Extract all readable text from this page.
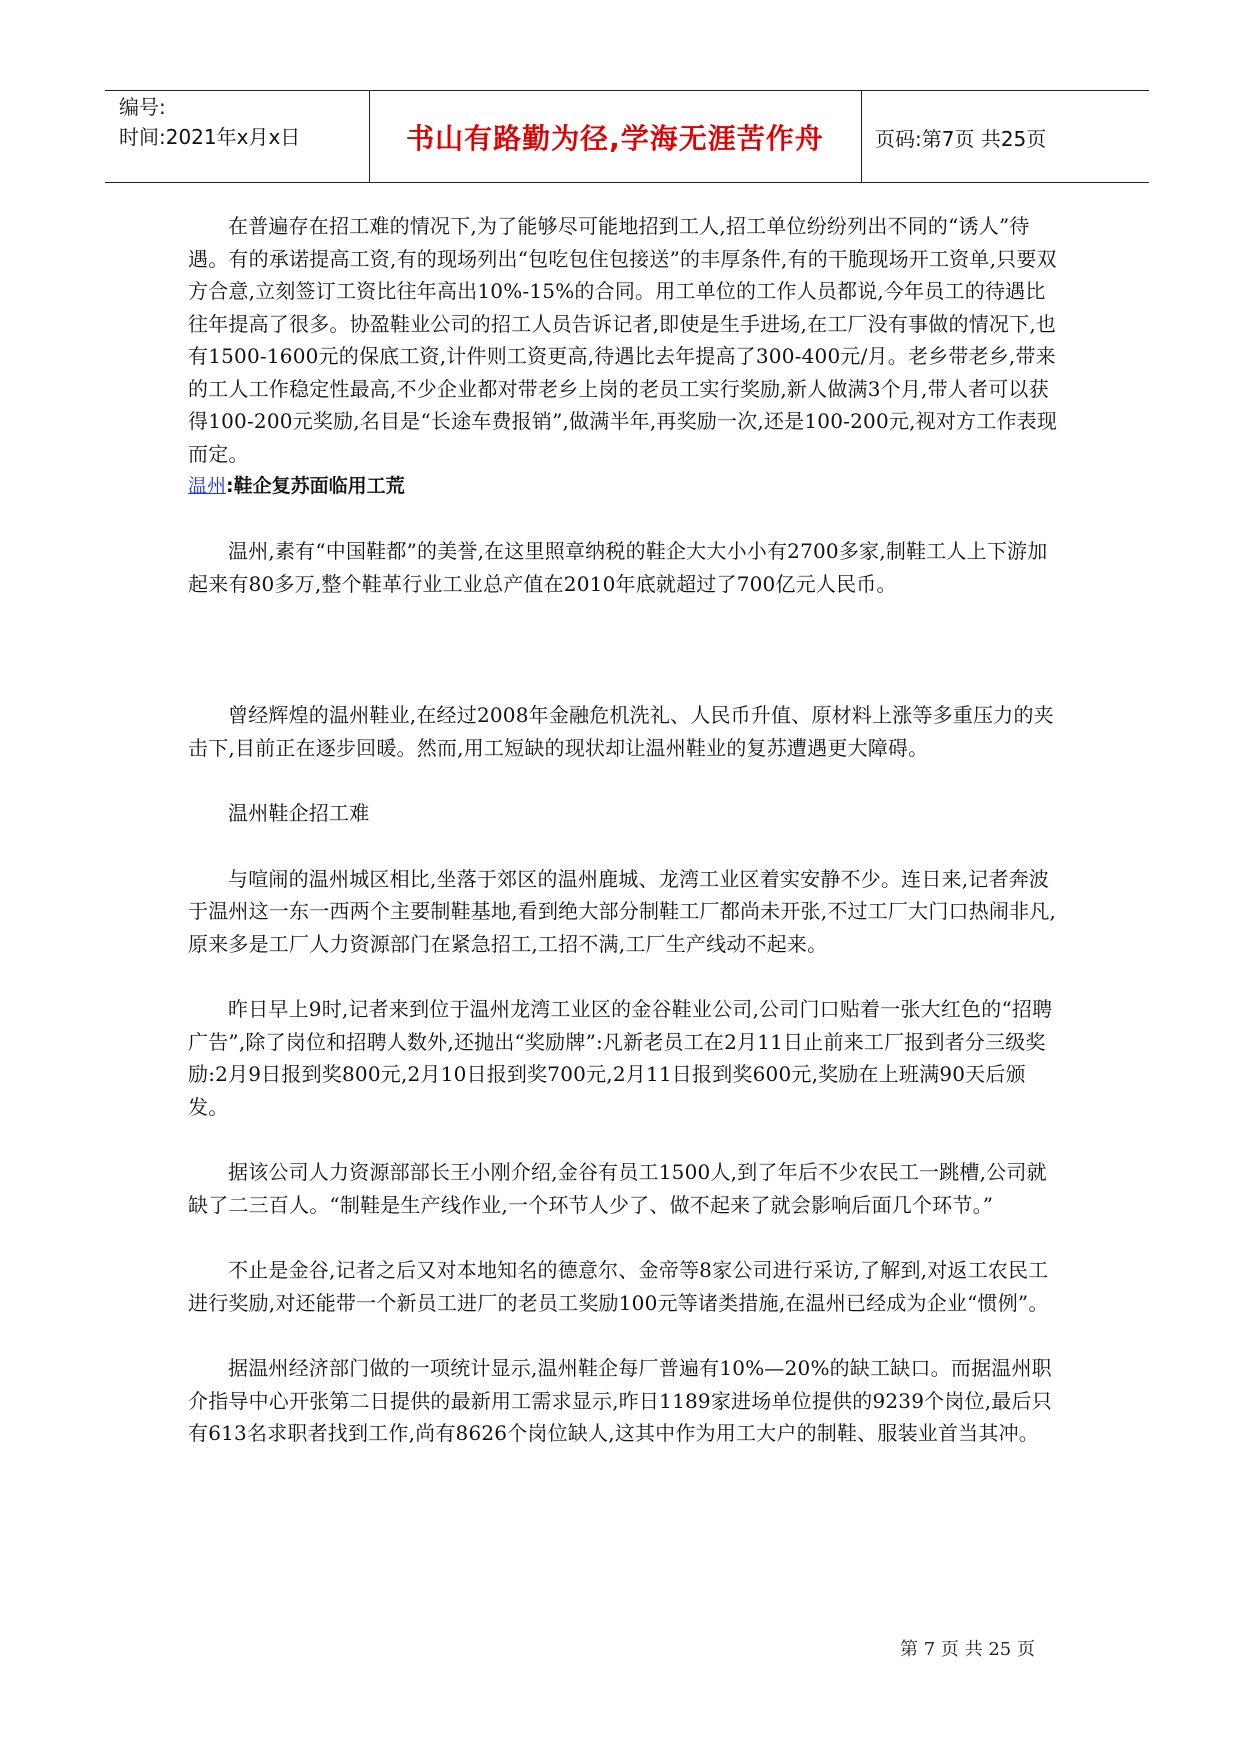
编号:
时间:2021年x月x日	书山有路勤为径,学海无涯苦作舟	页码:第7页 共25页

在普遍存在招工难的情况下,为了能够尽可能地招到工人,招工单位纷纷列出不同的“诱人”待遇。有的承诺提高工资,有的现场列出“包吃包住包接送”的丰厚条件,有的干脆现场开工资单,只要双方合意,立刻签订工资比往年高出10%-15%的合同。用工单位的工作人员都说,今年员工的待遇比往年提高了很多。协盈鞋业公司的招工人员告诉记者,即使是生手进场,在工厂没有事做的情况下,也有1500-1600元的保底工资,计件则工资更高,待遇比去年提高了300-400元/月。老乡带老乡,带来的工人工作稳定性最高,不少企业都对带老乡上岗的老员工实行奖励,新人做满3个月,带人者可以获得100-200元奖励,名目是“长途车费报销”,做满半年,再奖励一次,还是100-200元,视对方工作表现而定。

温州:鞋企复苏面临用工荒

温州,素有“中国鞋都”的美誉,在这里照章纳税的鞋企大大小小有2700多家,制鞋工人上下游加起来有80多万,整个鞋革行业工业总产值在2010年底就超过了700亿元人民币。

曾经辉煌的温州鞋业,在经过2008年金融危机洗礼、人民币升值、原材料上涨等多重压力的夹击下,目前正在逐步回暖。然而,用工短缺的现状却让温州鞋业的复苏遭遇更大障碍。

温州鞋企招工难

与喧闹的温州城区相比,坐落于郊区的温州鹿城、龙湾工业区着实安静不少。连日来,记者奔波于温州这一东一西两个主要制鞋基地,看到绝大部分制鞋工厂都尚未开张,不过工厂大门口热闹非凡,原来多是工厂人力资源部门在紧急招工,工招不满,工厂生产线动不起来。

昨日早上9时,记者来到位于温州龙湾工业区的金谷鞋业公司,公司门口贴着一张大红色的“招聘广告”,除了岗位和招聘人数外,还抛出“奖励牌”:凡新老员工在2月11日止前来工厂报到者分三级奖励:2月9日报到奖800元,2月10日报到奖700元,2月11日报到奖600元,奖励在上班满90天后颁发。

据该公司人力资源部部长王小刚介绍,金谷有员工1500人,到了年后不少农民工一跳槽,公司就缺了二三百人。“制鞋是生产线作业,一个环节人少了、做不起来了就会影响后面几个环节。”

不止是金谷,记者之后又对本地知名的德意尔、金帝等8家公司进行采访,了解到,对返工农民工进行奖励,对还能带一个新员工进厂的老员工奖励100元等诸类措施,在温州已经成为企业“惯例”。

据温州经济部门做的一项统计显示,温州鞋企每厂普遍有10%—20%的缺工缺口。而据温州职介指导中心开张第二日提供的最新用工需求显示,昨日1189家进场单位提供的9239个岗位,最后只有613名求职者找到工作,尚有8626个岗位缺人,这其中作为用工大户的制鞋、服装业首当其冲。

第 7 页 共 25 页
